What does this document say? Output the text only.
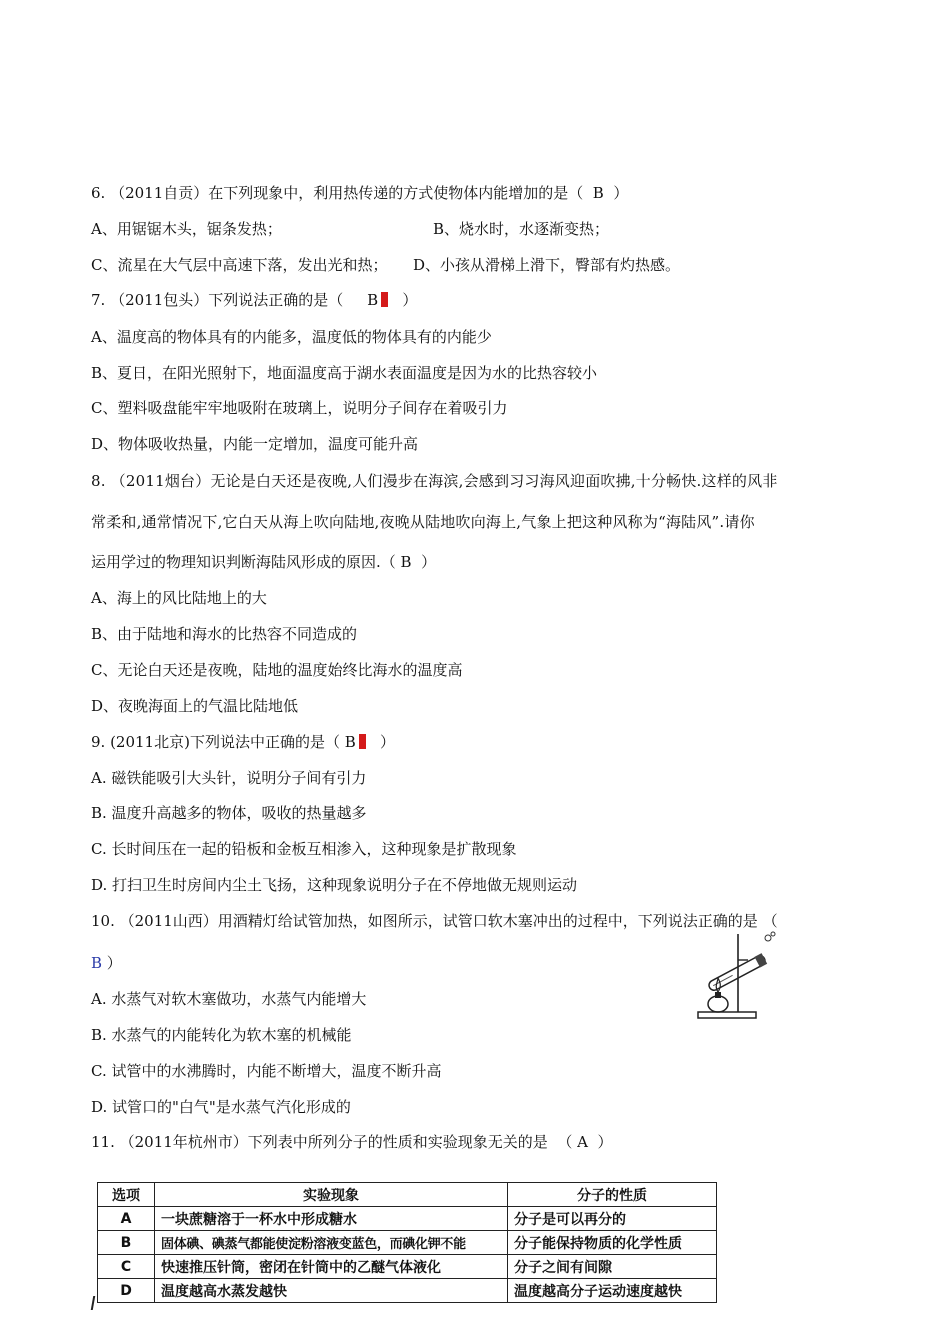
6. （2011自贡）在下列现象中，利用热传递的方式使物体内能增加的是（  B  ）
A、用锯锯木头，锯条发热；	B、烧水时，水逐渐变热；
C、流星在大气层中高速下落，发出光和热； D、小孩从滑梯上滑下，臀部有灼热感。
7. （2011包头）下列说法正确的是（     B   ）
A、温度高的物体具有的内能多，温度低的物体具有的内能少
B、夏日，在阳光照射下，地面温度高于湖水表面温度是因为水的比热容较小
C、塑料吸盘能牢牢地吸附在玻璃上，说明分子间存在着吸引力
D、物体吸收热量，内能一定增加，温度可能升高
8. （2011烟台）无论是白天还是夜晚,人们漫步在海滨,会感到习习海风迎面吹拂,十分畅快.这样的风非
常柔和,通常情况下,它白天从海上吹向陆地,夜晚从陆地吹向海上,气象上把这种风称为“海陆风”.请你
运用学过的物理知识判断海陆风形成的原因.（ B  ）
A、海上的风比陆地上的大
B、由于陆地和海水的比热容不同造成的
C、无论白天还是夜晚，陆地的温度始终比海水的温度高
D、夜晚海面上的气温比陆地低
9. (2011北京)下列说法中正确的是（ B   ）
A. 磁铁能吸引大头针，说明分子间有引力
B. 温度升高越多的物体，吸收的热量越多
C. 长时间压在一起的铅板和金板互相渗入，这种现象是扩散现象
D. 打扫卫生时房间内尘土飞扬，这种现象说明分子在不停地做无规则运动
10. （2011山西）用酒精灯给试管加热，如图所示，试管口软木塞冲出的过程中，下列说法正确的是 （
B ）
A. 水蒸气对软木塞做功，水蒸气内能增大
B. 水蒸气的内能转化为软木塞的机械能
C. 试管中的水沸腾时，内能不断增大，温度不断升高
D. 试管口的"白气"是水蒸气汽化形成的
11. （2011年杭州市）下列表中所列分子的性质和实验现象无关的是  （ A  ）
选项	实验现象	分子的性质
A	一块蔗糖溶于一杯水中形成糖水	分子是可以再分的
B	固体碘、碘蒸气都能使淀粉溶液变蓝色，而碘化钾不能	分子能保持物质的化学性质
C	快速推压针筒，密闭在针筒中的乙醚气体液化	分子之间有间隙
D	温度越高水蒸发越快	温度越高分子运动速度越快
